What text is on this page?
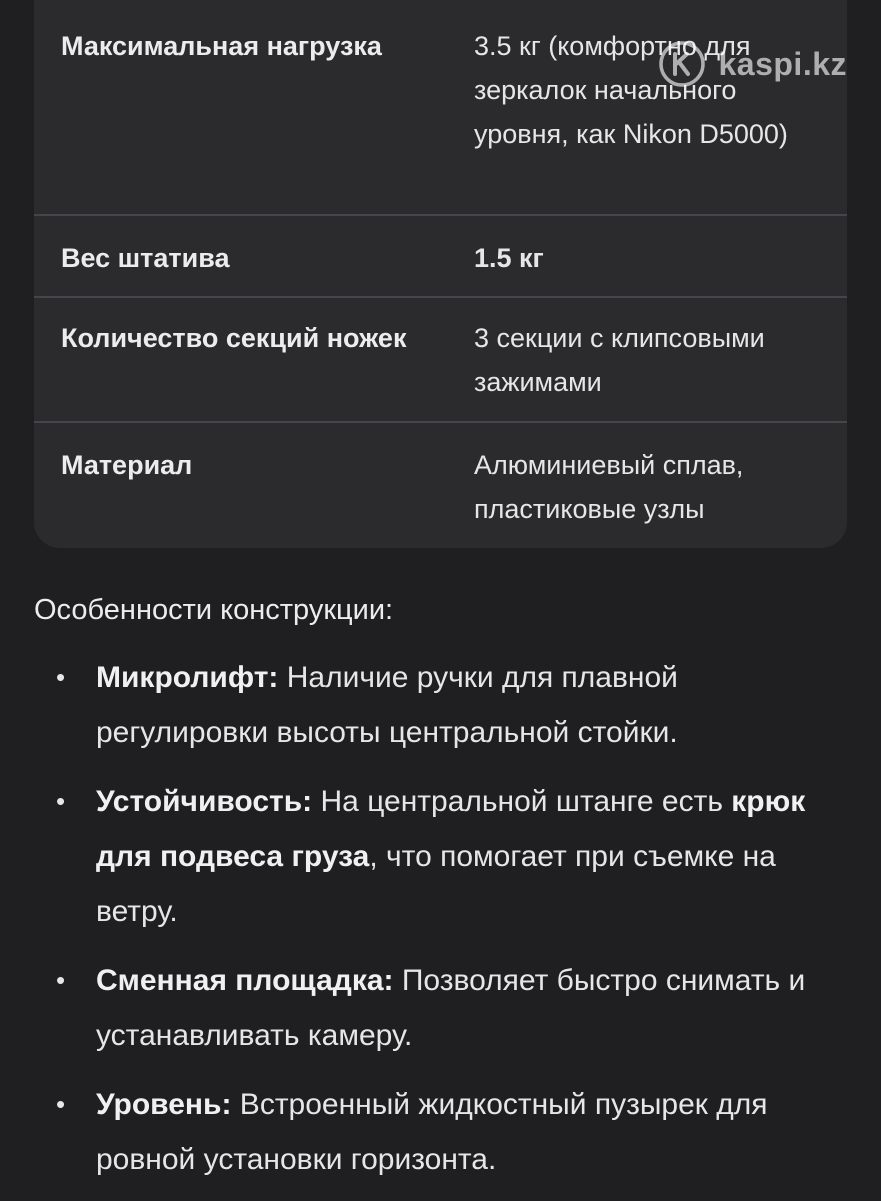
Максимальная нагрузка	3.5 кг (комфортно для зеркалок начального уровня, как Nikon D5000)
Вес штатива	1.5 кг
Количество секций ножек	3 секции с клипсовыми зажимами
Материал	Алюминиевый сплав, пластиковые узлы
kaspi.kz
Особенности конструкции:
• Микролифт: Наличие ручки для плавной регулировки высоты центральной стойки.
• Устойчивость: На центральной штанге есть крюк для подвеса груза, что помогает при съемке на ветру.
• Сменная площадка: Позволяет быстро снимать и устанавливать камеру.
• Уровень: Встроенный жидкостный пузырек для ровной установки горизонта.
